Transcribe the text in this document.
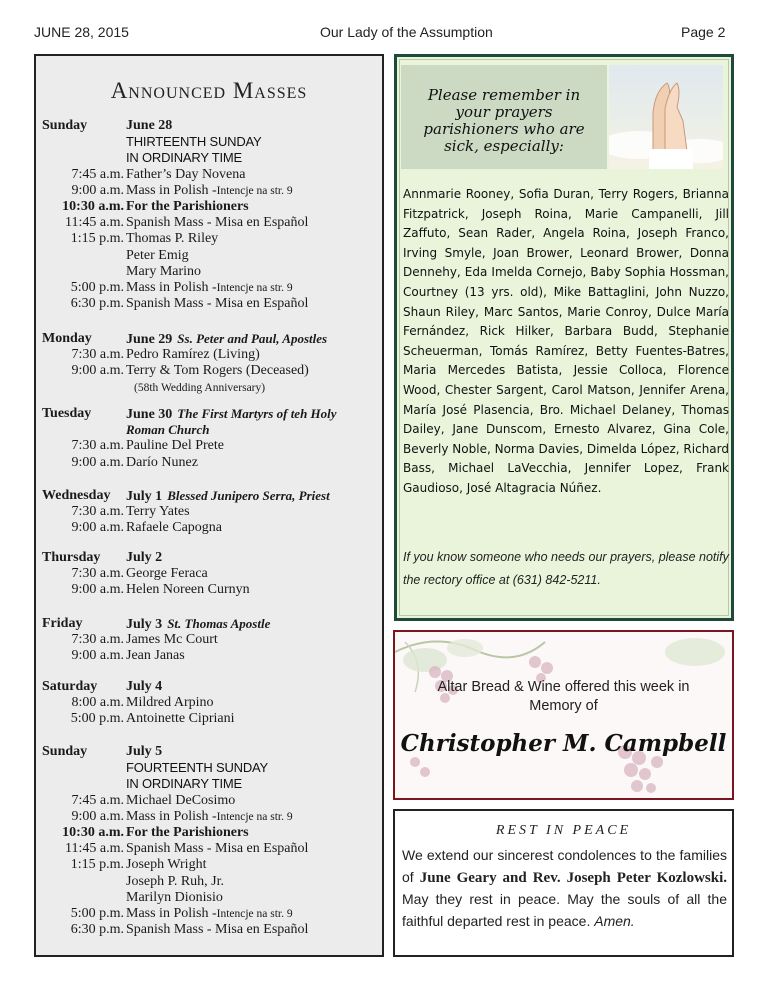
JUNE 28, 2015	Our Lady of the Assumption	Page 2
Announced Masses
Sunday
7:45 a.m.
9:00 a.m.
10:30 a.m.
11:45 a.m.
1:15 p.m.
5:00 p.m.
6:30 p.m.
June 28
THIRTEENTH SUNDAY
IN ORDINARY TIME
Father’s Day Novena
Mass in Polish -Intencje na str. 9
For the Parishioners
Spanish Mass - Misa en Español
Thomas P. Riley
Peter Emig
Mary Marino
Mass in Polish -Intencje na str. 9
Spanish Mass - Misa en Español
Monday
7:30 a.m.
9:00 a.m.
June 29 Ss. Peter and Paul, Apostles
Pedro Ramírez (Living)
Terry & Tom Rogers (Deceased)
(58th Wedding Anniversary)
Tuesday
7:30 a.m.
9:00 a.m.
June 30 The First Martyrs of teh Holy
Roman Church
Pauline Del Prete
Darío Nunez
Wednesday
7:30 a.m.
9:00 a.m.
July 1 Blessed Junipero Serra, Priest
Terry Yates
Rafaele Capogna
Thursday
7:30 a.m.
9:00 a.m.
July 2
George Feraca
Helen Noreen Curnyn
Friday
7:30 a.m.
9:00 a.m.
July 3 St. Thomas Apostle
James Mc Court
Jean Janas
Saturday
8:00 a.m.
5:00 p.m.
July 4
Mildred Arpino
Antoinette Cipriani
Sunday
7:45 a.m.
9:00 a.m.
10:30 a.m.
11:45 a.m.
1:15 p.m.
5:00 p.m.
6:30 p.m.
July 5
FOURTEENTH SUNDAY
IN ORDINARY TIME
Michael DeCosimo
Mass in Polish -Intencje na str. 9
For the Parishioners
Spanish Mass - Misa en Español
Joseph Wright
Joseph P. Ruh, Jr.
Marilyn Dionisio
Mass in Polish -Intencje na str. 9
Spanish Mass - Misa en Español
Please remember in
your prayers
parishioners who are
sick, especially:
Annmarie Rooney, Sofia Duran, Terry Rogers, Brianna Fitzpatrick, Joseph Roina, Marie Campanelli, Jill Zaffuto, Sean Rader, Angela Roina, Joseph Franco, Irving Smyle, Joan Brower, Leonard Brower, Donna Dennehy, Eda Imelda Cornejo, Baby Sophia Hossman, Courtney (13 yrs. old), Mike Battaglini, John Nuzzo, Shaun Riley, Marc Santos, Marie Conroy, Dulce María Fernández, Rick Hilker, Barbara Budd, Stephanie Scheuerman, Tomás Ramírez, Betty Fuentes-Batres, Maria Mercedes Batista, Jessie Colloca, Florence Wood, Chester Sargent, Carol Matson, Jennifer Arena, María José Plasencia, Bro. Michael Delaney, Thomas Dailey, Jane Dunscom, Ernesto Alvarez, Gina Cole, Beverly Noble, Norma Davies, Dimelda López, Richard Bass, Michael LaVecchia, Jennifer Lopez, Frank Gaudioso, José Altagracia Núñez.
If you know someone who needs our prayers, please notify the rectory office at (631) 842-5211.
Altar Bread & Wine offered this week in
Memory of
Christopher M. Campbell
REST IN PEACE
We extend our sincerest condolences to the families of June Geary and Rev. Joseph Peter Kozlowski. May they rest in peace. May the souls of all the faithful departed rest in peace. Amen.
